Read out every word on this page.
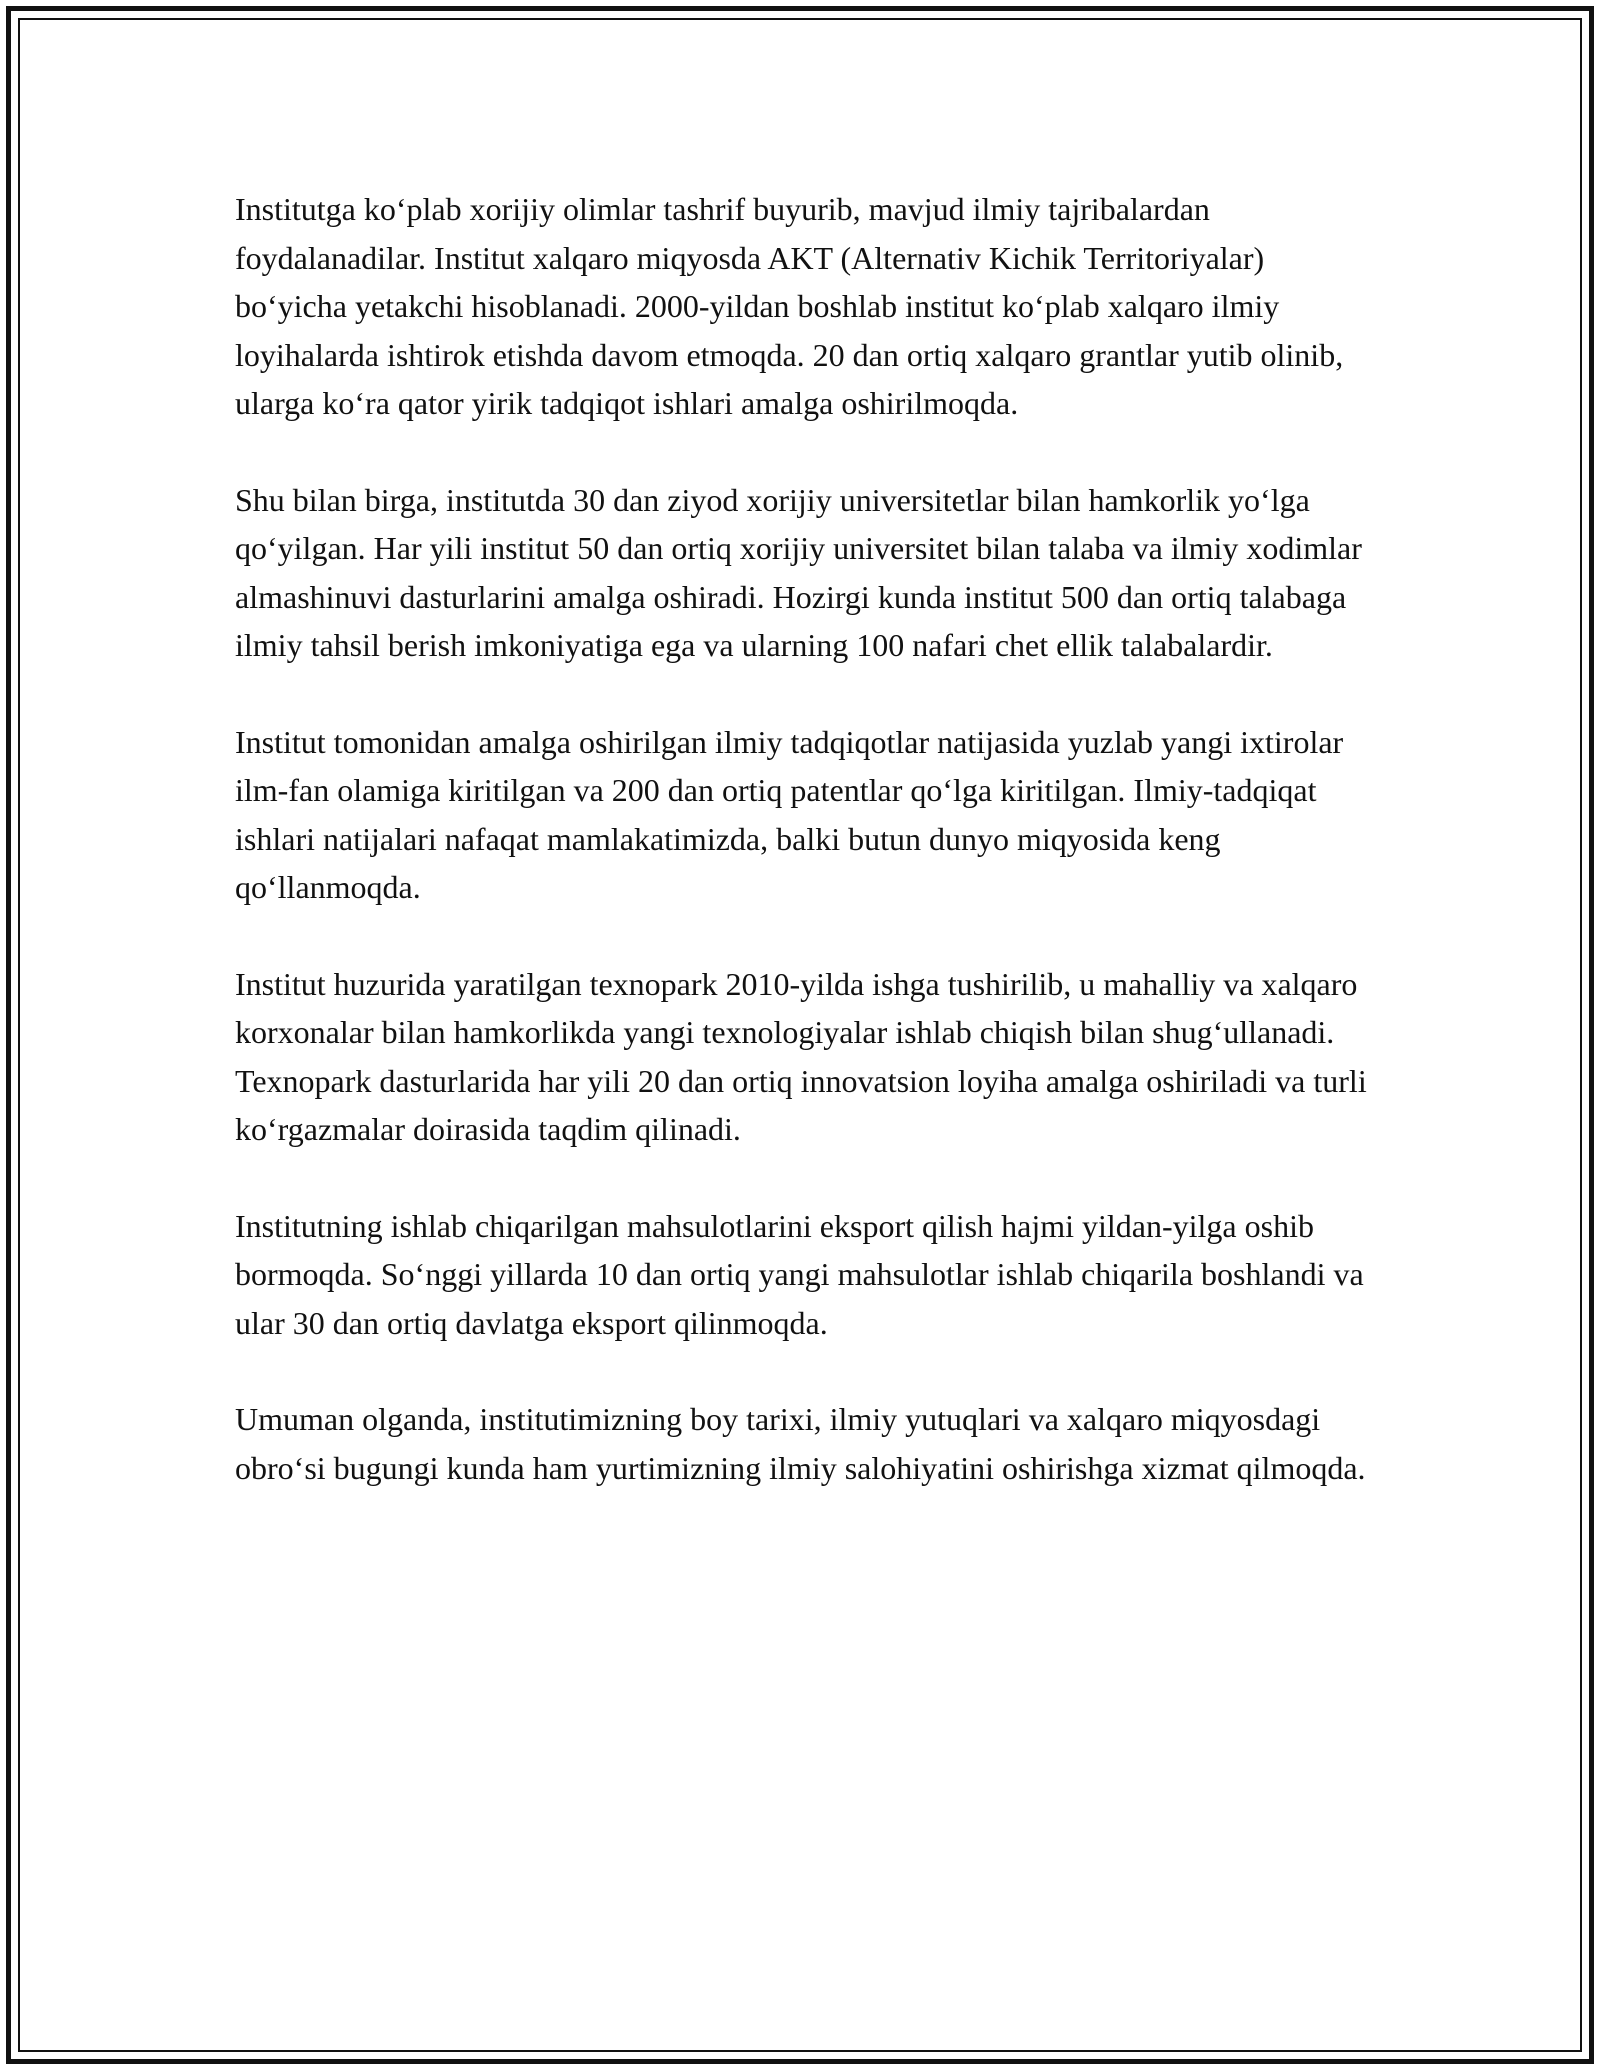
Institutga koʻplab xorijiy olimlar tashrif buyurib, mavjud ilmiy tajribalardan foydalanadilar. Institut xalqaro miqyosda AKT (Alternativ Kichik Territoriyalar) boʻyicha yetakchi hisoblanadi. 2000-yildan boshlab institut koʻplab xalqaro ilmiy loyihalarda ishtirok etishda davom etmoqda. 20 dan ortiq xalqaro grantlar yutib olinib, ularga koʻra qator yirik tadqiqot ishlari amalga oshirilmoqda.

Shu bilan birga, institutda 30 dan ziyod xorijiy universitetlar bilan hamkorlik yoʻlga qoʻyilgan. Har yili institut 50 dan ortiq xorijiy universitet bilan talaba va ilmiy xodimlar almashinuvi dasturlarini amalga oshiradi. Hozirgi kunda institut 500 dan ortiq talabaga ilmiy tahsil berish imkoniyatiga ega va ularning 100 nafari chet ellik talabalardir.

Institut tomonidan amalga oshirilgan ilmiy tadqiqotlar natijasida yuzlab yangi ixtirolar ilm-fan olamiga kiritilgan va 200 dan ortiq patentlar qoʻlga kiritilgan. Ilmiy-tadqiqat ishlari natijalari nafaqat mamlakatimizda, balki butun dunyo miqyosida keng qoʻllanmoqda.

Institut huzurida yaratilgan texnopark 2010-yilda ishga tushirilib, u mahalliy va xalqaro korxonalar bilan hamkorlikda yangi texnologiyalar ishlab chiqish bilan shugʻullanadi. Texnopark dasturlarida har yili 20 dan ortiq innovatsion loyiha amalga oshiriladi va turli koʻrgazmalar doirasida taqdim qilinadi.

Institutning ishlab chiqarilgan mahsulotlarini eksport qilish hajmi yildan-yilga oshib bormoqda. Soʻnggi yillarda 10 dan ortiq yangi mahsulotlar ishlab chiqarila boshlandi va ular 30 dan ortiq davlatga eksport qilinmoqda.

Umuman olganda, institutimizning boy tarixi, ilmiy yutuqlari va xalqaro miqyosdagi obroʻsi bugungi kunda ham yurtimizning ilmiy salohiyatini oshirishga xizmat qilmoqda.
